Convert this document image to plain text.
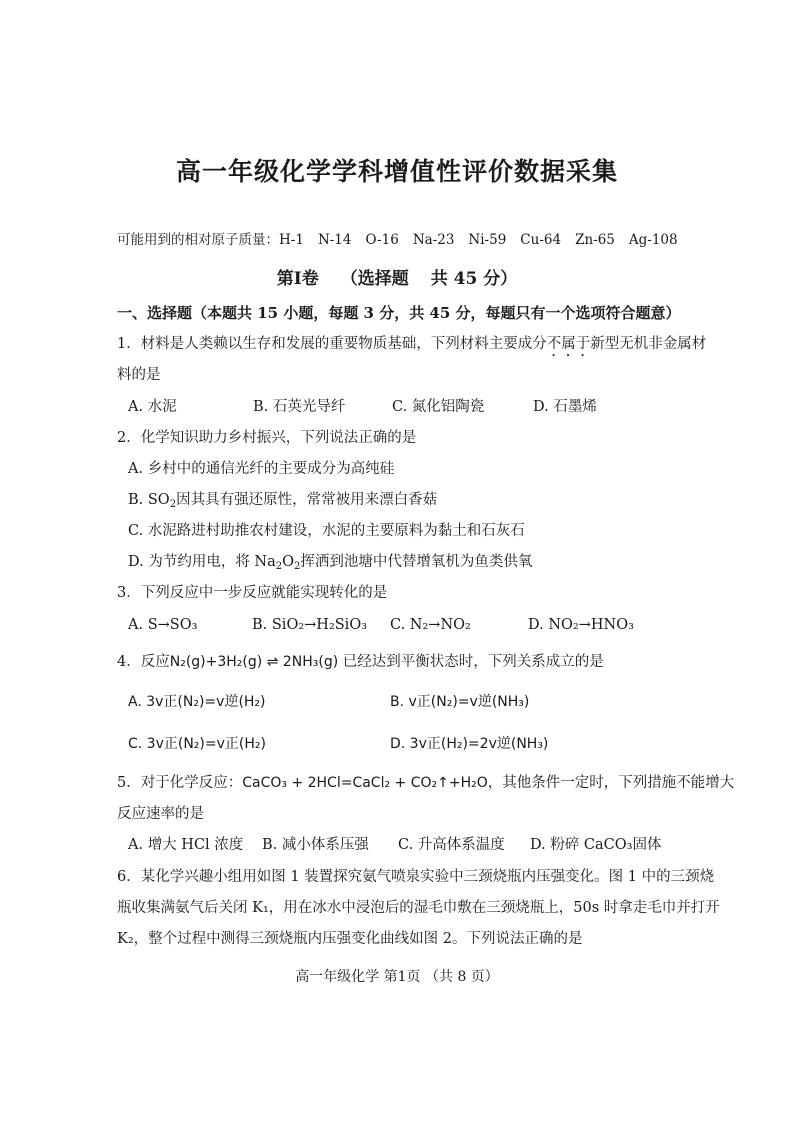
高一年级化学学科增值性评价数据采集
可能用到的相对原子质量：H-1 N-14 O-16 Na-23 Ni-59 Cu-64 Zn-65 Ag-108
第Ⅰ卷 （选择题 共 45 分）
一、选择题（本题共 15 小题，每题 3 分，共 45 分，每题只有一个选项符合题意）
1．材料是人类赖以生存和发展的重要物质基础，下列材料主要成分不属于新型无机非金属材
料的是
A. 水泥	B. 石英光导纤	C. 氮化铝陶瓷	D. 石墨烯
2．化学知识助力乡村振兴，下列说法正确的是
A. 乡村中的通信光纤的主要成分为高纯硅
B. $SO_2$因其具有强还原性，常常被用来漂白香菇
C. 水泥路进村助推农村建设，水泥的主要原料为黏土和石灰石
D. 为节约用电，将 $Na_2O_2$挥洒到池塘中代替增氧机为鱼类供氧
3．下列反应中一步反应就能实现转化的是
A. S→SO₃	B. SiO₂→H₂SiO₃ C. N₂→NO₂	D. NO₂→HNO₃
4．反应N₂(g)+3H₂(g) ⇌ 2NH₃(g) 已经达到平衡状态时，下列关系成立的是
A. 3v正(N₂)=v逆(H₂)	B. v正(N₂)=v逆(NH₃)
C. 3v正(N₂)=v正(H₂)	D. 3v正(H₂)=2v逆(NH₃)
5．对于化学反应：CaCO₃ + 2HCl=CaCl₂ + CO₂↑+H₂O，其他条件一定时，下列措施不能增大
反应速率的是
A. 增大 HCl 浓度 B. 减小体系压强 C. 升高体系温度 D. 粉碎 CaCO₃固体
6．某化学兴趣小组用如图 1 装置探究氨气喷泉实验中三颈烧瓶内压强变化。图 1 中的三颈烧
瓶收集满氨气后关闭 K₁，用在冰水中浸泡后的湿毛巾敷在三颈烧瓶上，50s 时拿走毛巾并打开
K₂，整个过程中测得三颈烧瓶内压强变化曲线如图 2。下列说法正确的是
高一年级化学 第1页 （共 8 页）
